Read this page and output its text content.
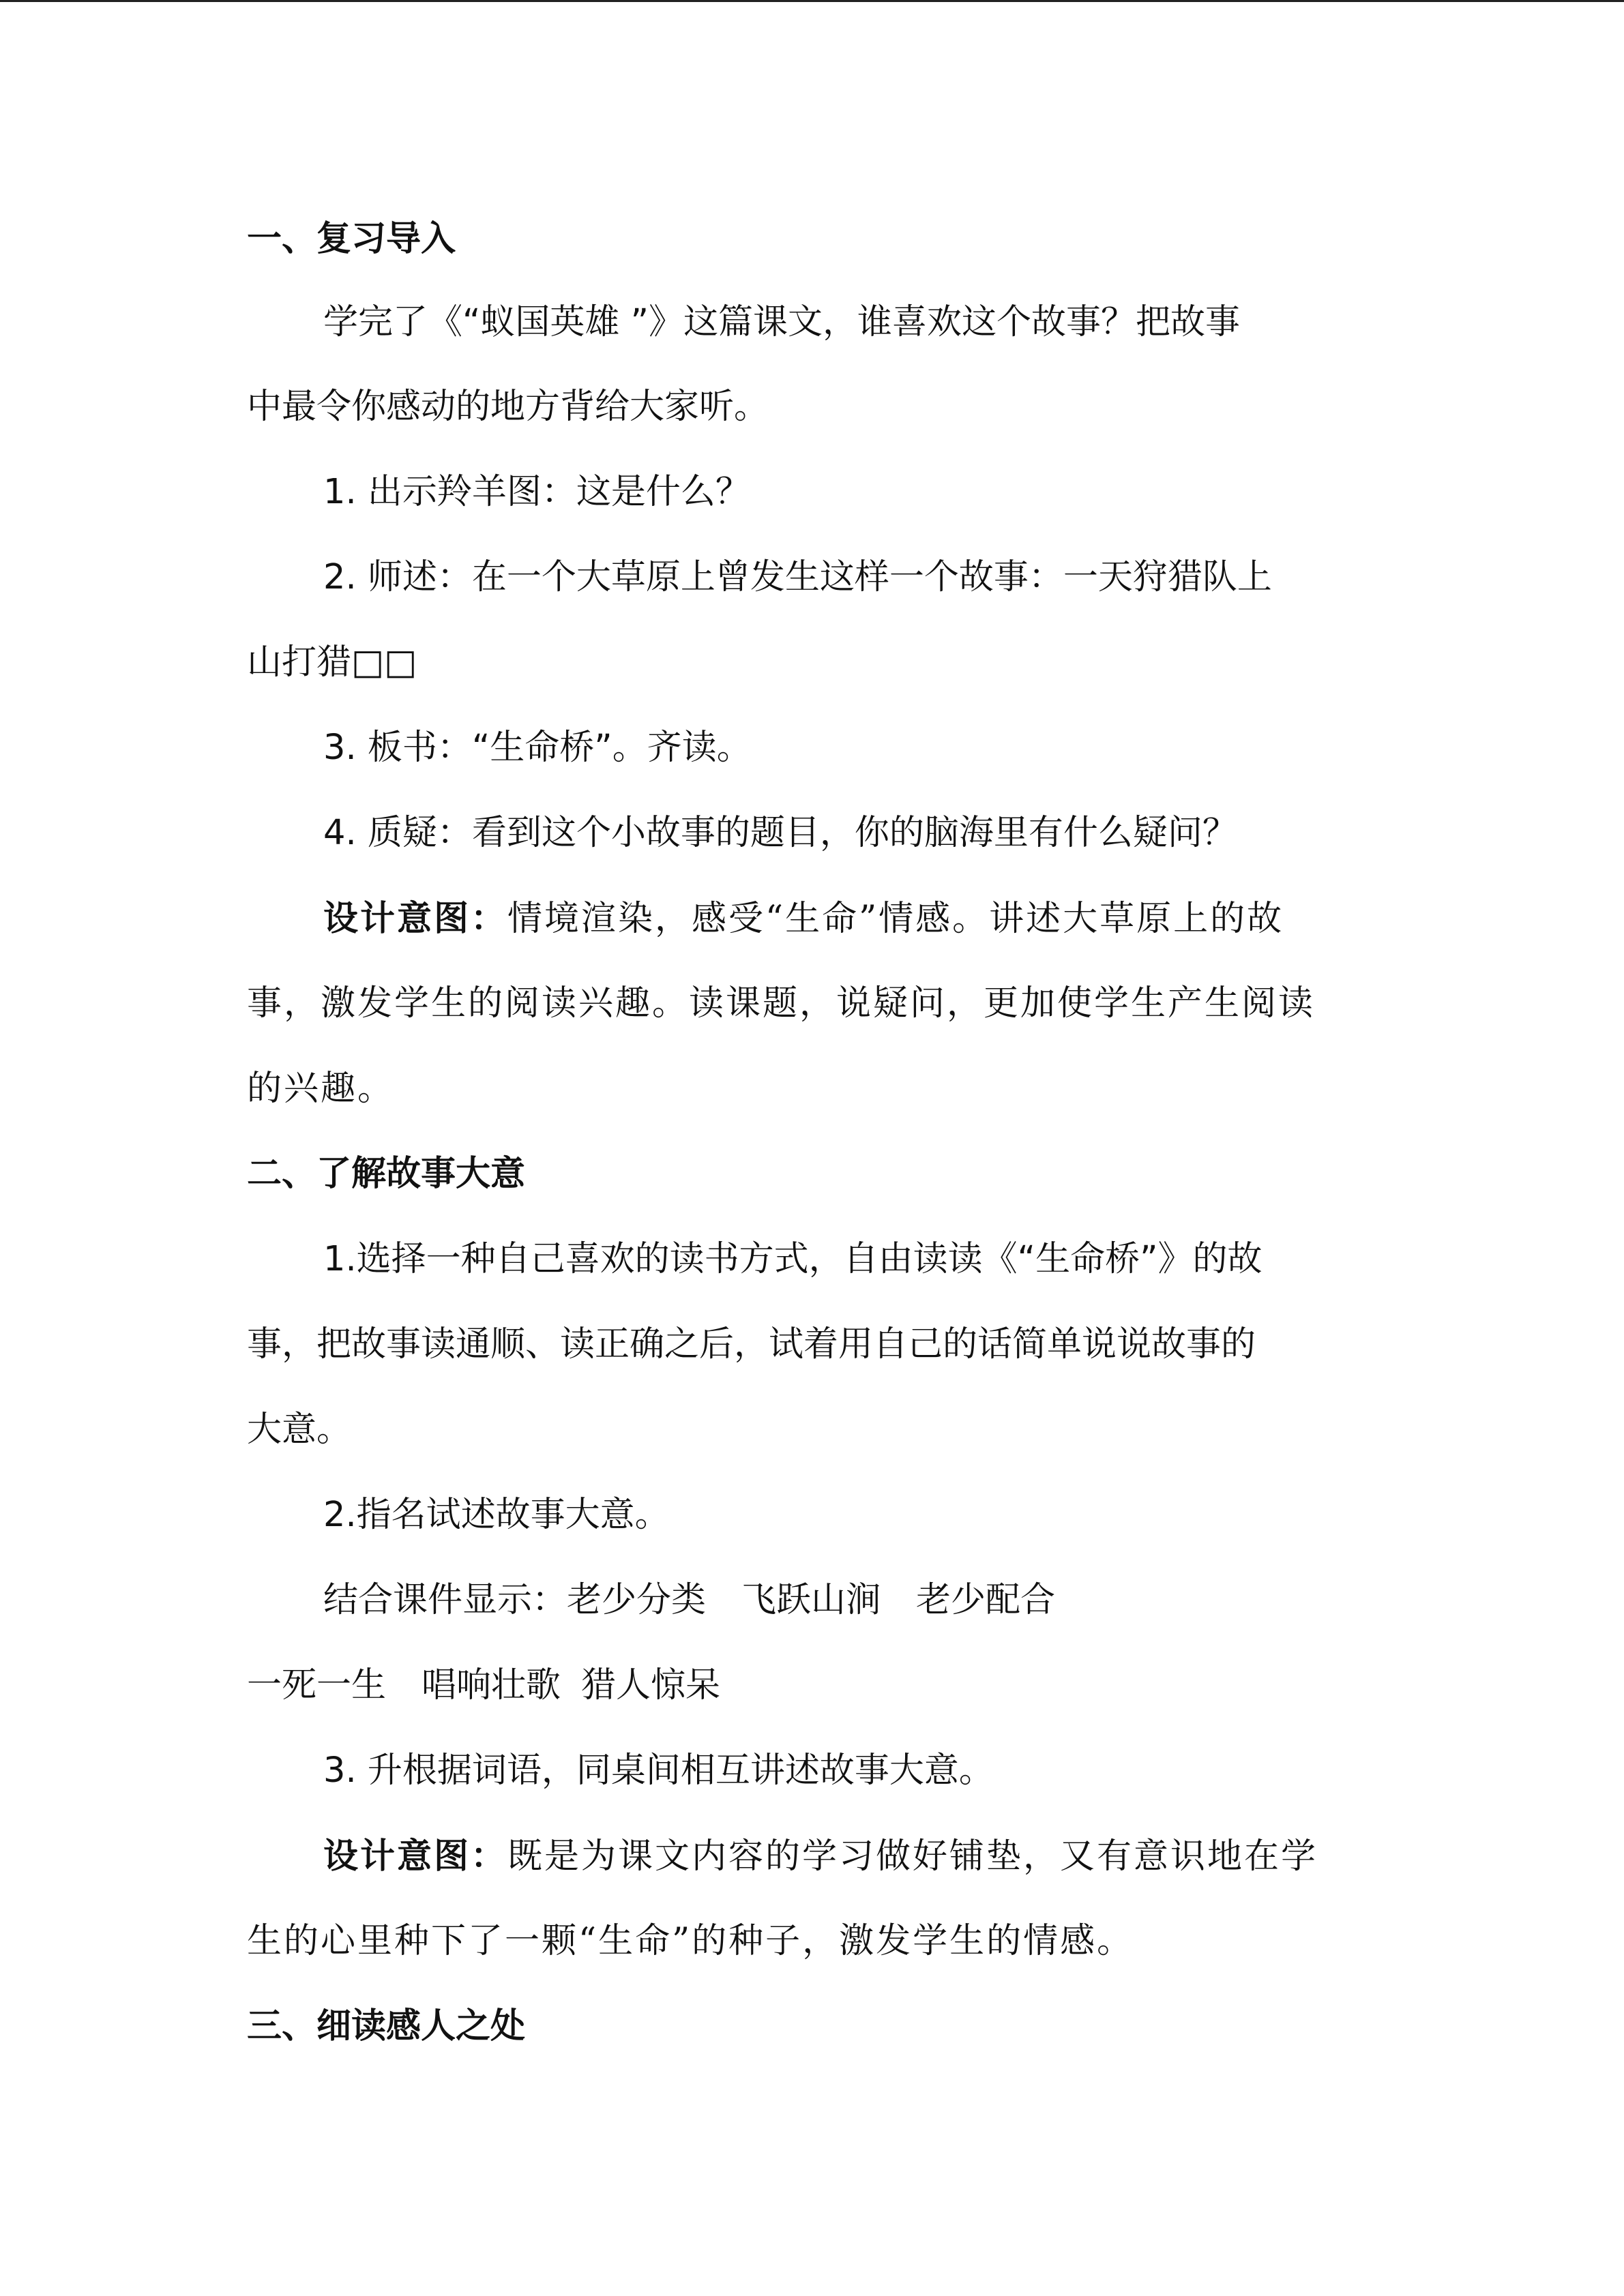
一、复习导入
学完了《“蚁国英雄 ”》这篇课文，谁喜欢这个故事？把故事
中最令你感动的地方背给大家听。
1. 出示羚羊图：这是什么？
2. 师述：在一个大草原上曾发生这样一个故事：一天狩猎队上
山打猎□□
3. 板书：“生命桥”。齐读。
4. 质疑：看到这个小故事的题目，你的脑海里有什么疑问？
设计意图：情境渲染，感受“生命”情感。讲述大草原上的故
事，激发学生的阅读兴趣。读课题，说疑问，更加使学生产生阅读
的兴趣。
二、了解故事大意
1.选择一种自己喜欢的读书方式，自由读读《“生命桥”》的故
事，把故事读通顺、读正确之后，试着用自己的话简单说说故事的
大意。
2.指名试述故事大意。
结合课件显示：老少分类 飞跃山涧 老少配合
一死一生 唱响壮歌 猎人惊呆
3. 升根据词语，同桌间相互讲述故事大意。
设计意图：既是为课文内容的学习做好铺垫，又有意识地在学
生的心里种下了一颗“生命”的种子，激发学生的情感。
三、细读感人之处
